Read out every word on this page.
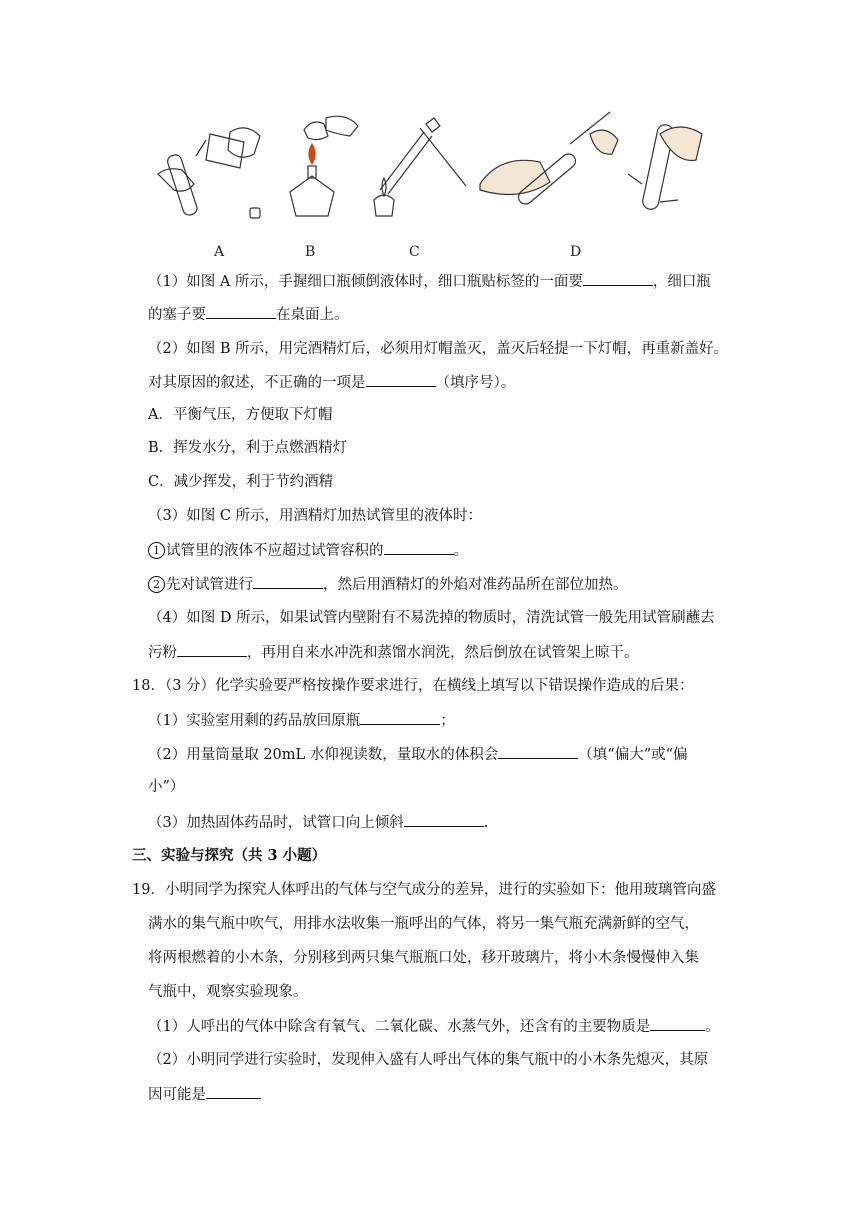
A	B	C	D
（1）如图 A 所示，手握细口瓶倾倒液体时，细口瓶贴标签的一面要	，细口瓶
的塞子要	在桌面上。
（2）如图 B 所示，用完酒精灯后，必须用灯帽盖灭，盖灭后轻提一下灯帽，再重新盖好。
对其原因的叙述，不正确的一项是	（填序号）。
A．平衡气压，方便取下灯帽
B．挥发水分，利于点燃酒精灯
C．减少挥发，利于节约酒精
（3）如图 C 所示，用酒精灯加热试管里的液体时：
1 试管里的液体不应超过试管容积的	。
2 先对试管进行	，然后用酒精灯的外焰对准药品所在部位加热。
（4）如图 D 所示，如果试管内壁附有不易洗掉的物质时，清洗试管一般先用试管刷蘸去
污粉	，再用自来水冲洗和蒸馏水润洗，然后倒放在试管架上晾干。
18．（3 分）化学实验要严格按操作要求进行，在横线上填写以下错误操作造成的后果：
（1）实验室用剩的药品放回原瓶	；
（2）用量筒量取 20mL 水仰视读数，量取水的体积会	（填“偏大”或“偏
小”）
（3）加热固体药品时，试管口向上倾斜	.
三、实验与探究（共 3 小题）
19．小明同学为探究人体呼出的气体与空气成分的差异，进行的实验如下：他用玻璃管向盛
满水的集气瓶中吹气，用排水法收集一瓶呼出的气体，将另一集气瓶充满新鲜的空气，
将两根燃着的小木条，分别移到两只集气瓶瓶口处，移开玻璃片，将小木条慢慢伸入集
气瓶中，观察实验现象。
（1）人呼出的气体中除含有氧气、二氧化碳、水蒸气外，还含有的主要物质是	。
（2）小明同学进行实验时，发现伸入盛有人呼出气体的集气瓶中的小木条先熄灭，其原
因可能是
